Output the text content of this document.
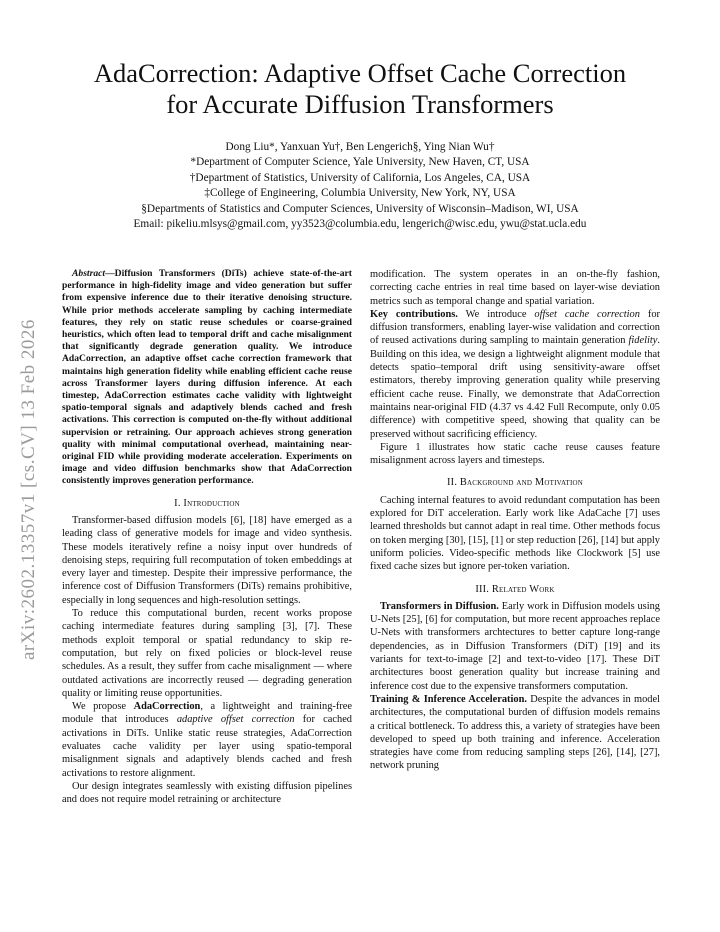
arXiv:2602.13357v1 [cs.CV] 13 Feb 2026
AdaCorrection: Adaptive Offset Cache Correction
for Accurate Diffusion Transformers
Dong Liu*, Yanxuan Yu†, Ben Lengerich§, Ying Nian Wu†
*Department of Computer Science, Yale University, New Haven, CT, USA
†Department of Statistics, University of California, Los Angeles, CA, USA
‡College of Engineering, Columbia University, New York, NY, USA
§Departments of Statistics and Computer Sciences, University of Wisconsin–Madison, WI, USA
Email: pikeliu.mlsys@gmail.com, yy3523@columbia.edu, lengerich@wisc.edu, ywu@stat.ucla.edu

Abstract—Diffusion Transformers (DiTs) achieve state-of-the-art performance in high-fidelity image and video generation but suffer from expensive inference due to their iterative denoising structure. While prior methods accelerate sampling by caching intermediate features, they rely on static reuse schedules or coarse-grained heuristics, which often lead to temporal drift and cache misalignment that significantly degrade generation quality. We introduce AdaCorrection, an adaptive offset cache correction framework that maintains high generation fidelity while enabling efficient cache reuse across Transformer layers during diffusion inference. At each timestep, AdaCorrection estimates cache validity with lightweight spatio-temporal signals and adaptively blends cached and fresh activations. This correction is computed on-the-fly without additional supervision or retraining. Our approach achieves strong generation quality with minimal computational overhead, maintaining near-original FID while providing moderate acceleration. Experiments on image and video diffusion benchmarks show that AdaCorrection consistently improves generation performance.

I. Introduction

Transformer-based diffusion models [6], [18] have emerged as a leading class of generative models for image and video synthesis. These models iteratively refine a noisy input over hundreds of denoising steps, requiring full recomputation of token embeddings at every layer and timestep. Despite their impressive performance, the inference cost of Diffusion Transformers (DiTs) remains prohibitive, especially in long sequences and high-resolution settings.

To reduce this computational burden, recent works propose caching intermediate features during sampling [3], [7]. These methods exploit temporal or spatial redundancy to skip re-computation, but rely on fixed policies or block-level reuse schedules. As a result, they suffer from cache misalignment — where outdated activations are incorrectly reused — degrading generation quality or limiting reuse opportunities.

We propose AdaCorrection, a lightweight and training-free module that introduces adaptive offset correction for cached activations in DiTs. Unlike static reuse strategies, AdaCorrection evaluates cache validity per layer using spatio-temporal misalignment signals and adaptively blends cached and fresh activations to restore alignment.

Our design integrates seamlessly with existing diffusion pipelines and does not require model retraining or architecture

modification. The system operates in an on-the-fly fashion, correcting cache entries in real time based on layer-wise deviation metrics such as temporal change and spatial variation.

Key contributions. We introduce offset cache correction for diffusion transformers, enabling layer-wise validation and correction of reused activations during sampling to maintain generation fidelity. Building on this idea, we design a lightweight alignment module that detects spatio–temporal drift using sensitivity-aware offset estimators, thereby improving generation quality while preserving efficient cache reuse. Finally, we demonstrate that AdaCorrection maintains near-original FID (4.37 vs 4.42 Full Recompute, only 0.05 difference) with competitive speed, showing that quality can be preserved without sacrificing efficiency.

Figure 1 illustrates how static cache reuse causes feature misalignment across layers and timesteps.

II. Background and Motivation

Caching internal features to avoid redundant computation has been explored for DiT acceleration. Early work like AdaCache [7] uses learned thresholds but cannot adapt in real time. Other methods focus on token merging [30], [15], [1] or step reduction [26], [14] but apply uniform policies. Video-specific methods like Clockwork [5] use fixed cache sizes but ignore per-token variation.

III. Related Work

Transformers in Diffusion. Early work in Diffusion models using U-Nets [25], [6] for computation, but more recent approaches replace U-Nets with transformers archtectures to better capture long-range dependencies, as in Diffusion Transformers (DiT) [19] and its variants for text-to-image [2] and text-to-video [17]. These DiT architectures boost generation quality but increase training and inference cost due to the expensive transformers computation.

Training & Inference Acceleration. Despite the advances in model architectures, the computational burden of diffusion models remains a critical bottleneck. To address this, a variety of strategies have been developed to speed up both training and inference. Acceleration strategies have come from reducing sampling steps [26], [14], [27], network pruning
